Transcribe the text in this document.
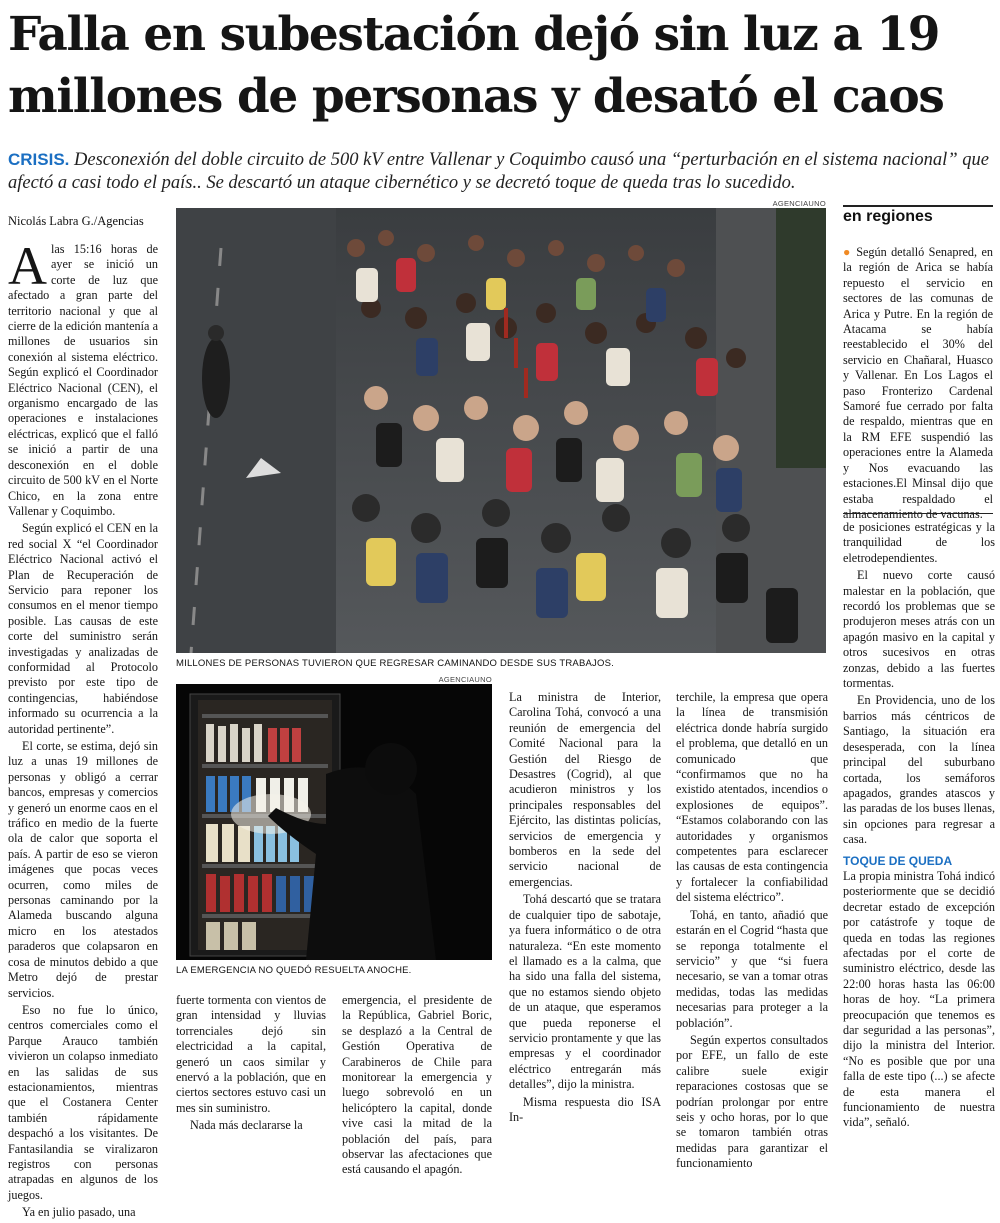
Falla en subestación dejó sin luz a 19 millones de personas y desató el caos
CRISIS. Desconexión del doble circuito de 500 kV entre Vallenar y Coquimbo causó una “perturbación en el sistema nacional” que afectó a casi todo el país.. Se descartó un ataque cibernético y se decretó toque de queda tras lo sucedido.
Nicolás Labra G./Agencias

Alas 15:16 horas de ayer se inició un corte de luz que afectado a gran parte del territorio nacional y que al cierre de la edición mantenía a millones de usuarios sin conexión al sistema eléctrico. Según explicó el Coordinador Eléctrico Nacional (CEN), el organismo encargado de las operaciones e instalaciones eléctricas, explicó que el falló se inició a partir de una desconexión en el doble circuito de 500 kV en el Norte Chico, en la zona entre Vallenar y Coquimbo.

Según explicó el CEN en la red social X “el Coordinador Eléctrico Nacional activó el Plan de Recuperación de Servicio para reponer los consumos en el menor tiempo posible. Las causas de este corte del suministro serán investigadas y analizadas de conformidad al Protocolo previsto por este tipo de contingencias, habiéndose informado su ocurrencia a la autoridad pertinente”.

El corte, se estima, dejó sin luz a unas 19 millones de personas y obligó a cerrar bancos, empresas y comercios y generó un enorme caos en el tráfico en medio de la fuerte ola de calor que soporta el país. A partir de eso se vieron imágenes que pocas veces ocurren, como miles de personas caminando por la Alameda buscando alguna micro en los atestados paraderos que colapsaron en cosa de minutos debido a que Metro dejó de prestar servicios.

Eso no fue lo único, centros comerciales como el Parque Arauco también vivieron un colapso inmediato en las salidas de sus estacionamientos, mientras que el Costanera Center también rápidamente despachó a los visitantes. De Fantasilandia se viralizaron registros con personas atrapadas en algunos de los juegos.

Ya en julio pasado, una

AGENCIAUNO
MILLONES DE PERSONAS TUVIERON QUE REGRESAR CAMINANDO DESDE SUS TRABAJOS.
en regiones

● Según detalló Senapred, en la región de Arica se había repuesto el servicio en sectores de las comunas de Arica y Putre. En la región de Atacama se había reestablecido el 30% del servicio en Chañaral, Huasco y Vallenar. En Los Lagos el paso Fronterizo Cardenal Samoré fue cerrado por falta de respaldo, mientras que en la RM EFE suspendió las operaciones entre la Alameda y Nos evacuando las estaciones.El Minsal dijo que estaba respaldado el

AGENCIAUNO
LA EMERGENCIA NO QUEDÓ RESUELTA ANOCHE.

fuerte tormenta con vientos de gran intensidad y lluvias torrenciales dejó sin electricidad a la capital, generó un caos similar y enervó a la población, que en ciertos sectores estuvo casi un mes sin suministro.

Nada más declararse la

emergencia, el presidente de la República, Gabriel Boric, se desplazó a la Central de Gestión Operativa de Carabineros de Chile para monitorear la emergencia y luego sobrevoló en un helicóptero la capital, donde vive casi la mitad de la población del país, para observar las afectaciones que está causando el apagón.

La ministra de Interior, Carolina Tohá, convocó a una reunión de emergencia del Comité Nacional para la Gestión del Riesgo de Desastres (Cogrid), al que acudieron ministros y los principales responsables del Ejército, las distintas policías, servicios de emergencia y bomberos en la sede del servicio nacional de emergencias.

Tohá descartó que se tratara de cualquier tipo de sabotaje, ya fuera informático o de otra naturaleza. “En este momento el llamado es a la calma, que ha sido una falla del sistema, que no estamos siendo objeto de un ataque, que esperamos que pueda reponerse el servicio prontamente y que las empresas y el coordinador eléctrico entregarán más detalles”, dijo la ministra.

Misma respuesta dio ISA In-

terchile, la empresa que opera la línea de transmisión eléctrica donde habría surgido el problema, que detalló en un comunicado que “confirmamos que no ha existido atentados, incendios o explosiones de equipos”. “Estamos colaborando con las autoridades y organismos competentes para esclarecer las causas de esta contingencia y fortalecer la confiabilidad del sistema eléctrico”.

Tohá, en tanto, añadió que estarán en el Cogrid “hasta que se reponga totalmente el servicio” y que “si fuera necesario, se van a tomar otras medidas, todas las medidas necesarias para proteger a la población”.

Según expertos consultados por EFE, un fallo de este calibre suele exigir reparaciones costosas que se podrían prolongar por entre seis y ocho horas, por lo que se tomaron también otras medidas para garantizar el funcionamiento

de posiciones estratégicas y la tranquilidad de los eletrodependientes.

El nuevo corte causó malestar en la población, que recordó los problemas que se produjeron meses atrás con un apagón masivo en la capital y otros sucesivos en otras zonzas, debido a las fuertes tormentas.

En Providencia, uno de los barrios más céntricos de Santiago, la situación era desesperada, con la línea principal del suburbano cortada, los semáforos apagados, grandes atascos y las paradas de los buses llenas, sin opciones para regresar a casa.

TOQUE DE QUEDA

La propia ministra Tohá indicó posteriormente que se decidió decretar estado de excepción por catástrofe y toque de queda en todas las regiones afectadas por el corte de suministro eléctrico, desde las 22:00 horas hasta las 06:00 horas de hoy. “La primera preocupación que tenemos es dar seguridad a las personas”, dijo la ministra del Interior. “No es posible que por una falla de este tipo (...) se afecte de esta manera el funcionamiento de nuestra vida”, señaló.
